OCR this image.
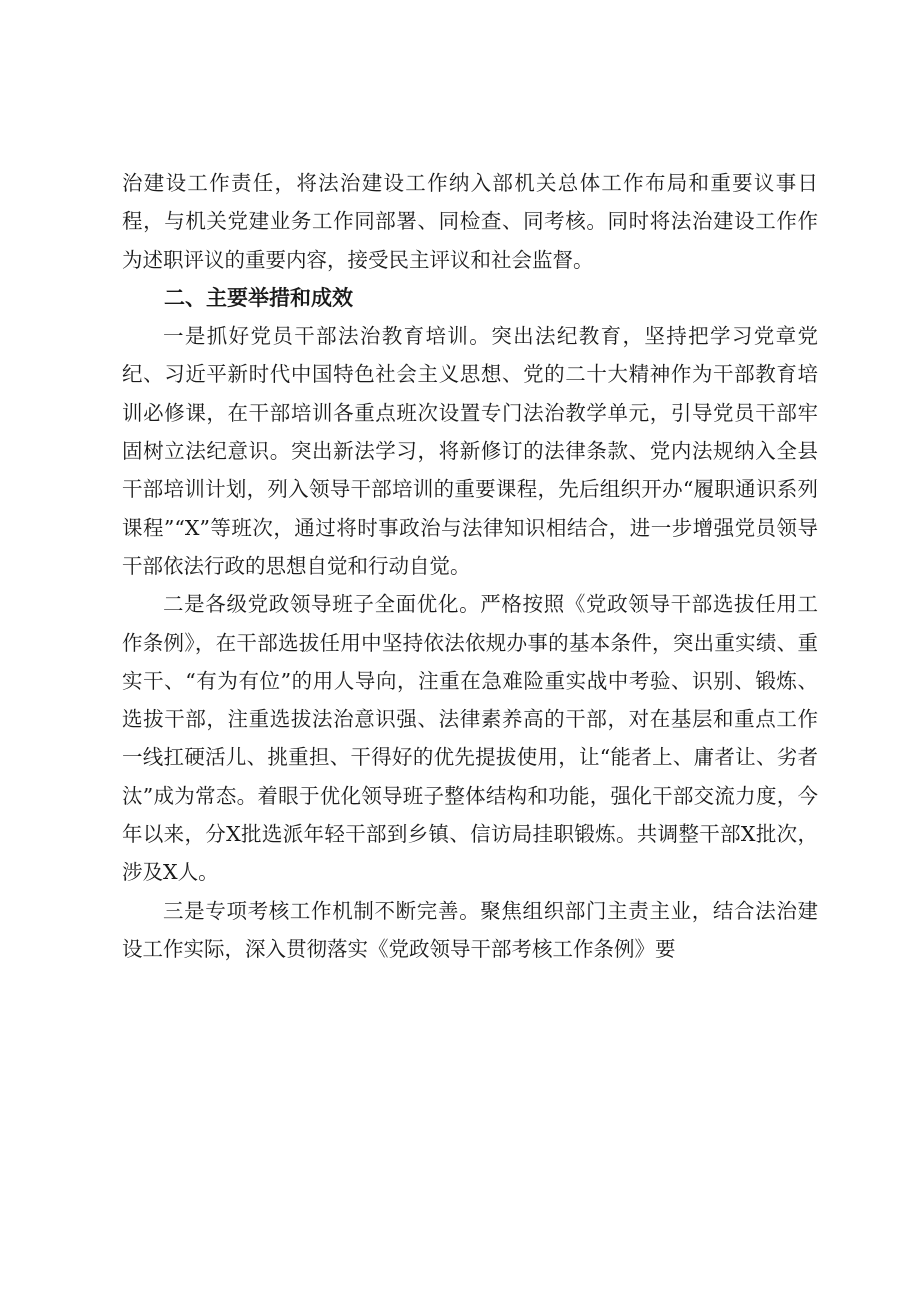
治建设工作责任，将法治建设工作纳入部机关总体工作布局和重要议事日程，与机关党建业务工作同部署、同检查、同考核。同时将法治建设工作作为述职评议的重要内容，接受民主评议和社会监督。

二、主要举措和成效

一是抓好党员干部法治教育培训。突出法纪教育，坚持把学习党章党纪、习近平新时代中国特色社会主义思想、党的二十大精神作为干部教育培训必修课，在干部培训各重点班次设置专门法治教学单元，引导党员干部牢固树立法纪意识。突出新法学习，将新修订的法律条款、党内法规纳入全县干部培训计划，列入领导干部培训的重要课程，先后组织开办“履职通识系列课程”“X”等班次，通过将时事政治与法律知识相结合，进一步增强党员领导干部依法行政的思想自觉和行动自觉。

二是各级党政领导班子全面优化。严格按照《党政领导干部选拔任用工作条例》，在干部选拔任用中坚持依法依规办事的基本条件，突出重实绩、重实干、“有为有位”的用人导向，注重在急难险重实战中考验、识别、锻炼、选拔干部，注重选拔法治意识强、法律素养高的干部，对在基层和重点工作一线扛硬活儿、挑重担、干得好的优先提拔使用，让“能者上、庸者让、劣者汰”成为常态。着眼于优化领导班子整体结构和功能，强化干部交流力度，今年以来，分X批选派年轻干部到乡镇、信访局挂职锻炼。共调整干部X批次，涉及X人。

三是专项考核工作机制不断完善。聚焦组织部门主责主业，结合法治建设工作实际，深入贯彻落实《党政领导干部考核工作条例》要
